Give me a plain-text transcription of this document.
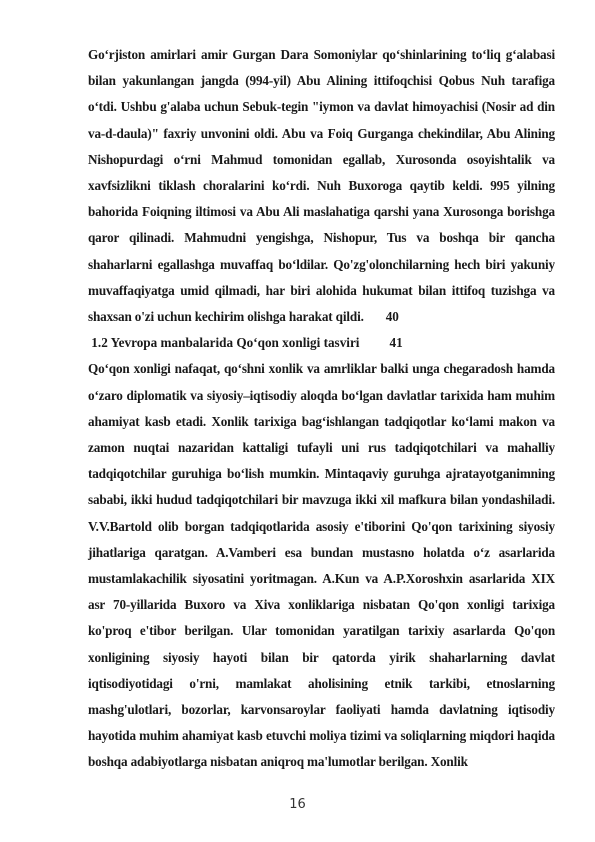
Go‘rjiston amirlari amir Gurgan Dara Somoniylar qo‘shinlarining to‘liq g‘alabasi bilan yakunlangan jangda (994-yil) Abu Alining ittifoqchisi Qobus Nuh tarafiga o‘tdi. Ushbu g'alaba uchun Sebuk-tegin "iymon va davlat himoyachisi (Nosir ad din va-d-daula)" faxriy unvonini oldi. Abu va Foiq Gurganga chekindilar, Abu Alining Nishopurdagi o‘rni Mahmud tomonidan egallab, Xurosonda osoyishtalik va xavfsizlikni tiklash choralarini ko‘rdi. Nuh Buxoroga qaytib keldi. 995 yilning bahorida Foiqning iltimosi va Abu Ali maslahatiga qarshi yana Xurosonga borishga qaror qilinadi. Mahmudni yengishga, Nishopur, Tus va boshqa bir qancha shaharlarni egallashga muvaffaq bo‘ldilar. Qo'zg'olonchilarning hech biri yakuniy muvaffaqiyatga umid qilmadi, har biri alohida hukumat bilan ittifoq tuzishga va shaxsan o'zi uchun kechirim olishga harakat qildi. 40

1.2 Yevropa manbalarida Qo‘qon xonligi tasviri 41

Qo‘qon xonligi nafaqat, qo‘shni xonlik va amrliklar balki unga chegaradosh hamda o‘zaro diplomatik va siyosiy–iqtisodiy aloqda bo‘lgan davlatlar tarixida ham muhim ahamiyat kasb etadi. Xonlik tarixiga bag‘ishlangan tadqiqotlar ko‘lami makon va zamon nuqtai nazaridan kattaligi tufayli uni rus tadqiqotchilari va mahalliy tadqiqotchilar guruhiga bo‘lish mumkin. Mintaqaviy guruhga ajratayotganimning sababi, ikki hudud tadqiqotchilari bir mavzuga ikki xil mafkura bilan yondashiladi. V.V.Bartold olib borgan tadqiqotlarida asosiy e'tiborini Qo'qon tarixining siyosiy jihatlariga qaratgan. A.Vamberi esa bundan mustasno holatda o‘z asarlarida mustamlakachilik siyosatini yoritmagan. A.Kun va A.P.Xoroshxin asarlarida XIX asr 70-yillarida Buxoro va Xiva xonliklariga nisbatan Qo'qon xonligi tarixiga ko'proq e'tibor berilgan. Ular tomonidan yaratilgan tarixiy asarlarda Qo'qon xonligining siyosiy hayoti bilan bir qatorda yirik shaharlarning davlat iqtisodiyotidagi o'rni, mamlakat aholisining etnik tarkibi, etnoslarning mashg'ulotlari, bozorlar, karvonsaroylar faoliyati hamda davlatning iqtisodiy hayotida muhim ahamiyat kasb etuvchi moliya tizimi va soliqlarning miqdori haqida boshqa adabiyotlarga nisbatan aniqroq ma'lumotlar berilgan. Xonlik

16
